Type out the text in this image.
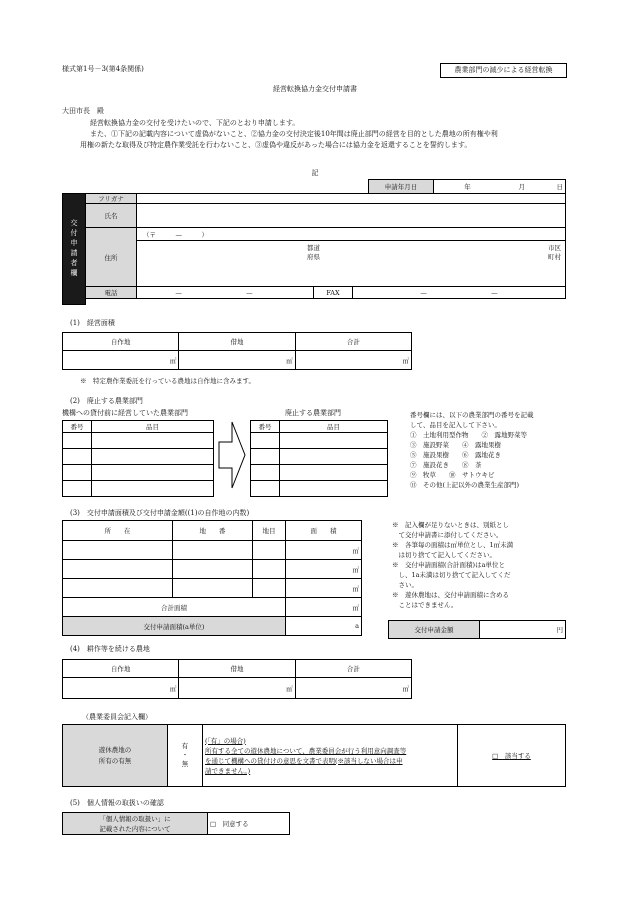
様式第1号－3(第4条関係)	農業部門の減少による経営転換
経営転換協力金交付申請書
大田市長　殿
経営転換協力金の交付を受けたいので、下記のとおり申請します。
また、①下記の記載内容について虚偽がないこと、②協力金の交付決定後10年間は廃止部門の経営を目的とした農地の所有権や利
用権の新たな取得及び特定農作業受託を行わないこと、③虚偽や違反があった場合には協力金を返還することを誓約します。
記
申請年月日	年	月	日
交付申請者欄	フリガナ				
	氏名				
	住所	（〒　　　—　　　）
都道
府県
市区
町村			

	電話	— —		FAX	— —

(1)　経営面積
自作地		借地		合計	
	㎡		㎡		㎡
※　特定農作業委託を行っている農地は自作地に含みます。
(2)　廃止する農業部門
機構への貸付前に経営していた農業部門	廃止する農業部門
番号	品目

		番号	品目

番号欄には、以下の農業部門の番号を記載
して、品目を記入して下さい。
①　土地利用型作物　　②　露地野菜等
③　施設野菜　　④　露地果樹
⑤　施設果樹　　⑥　露地花き
⑦　施設花き　　⑧　茶
⑨　牧草　　⑩　サトウキビ
⑪　その他(上記以外の農業生産部門)
(3)　交付申請面積及び交付申請金額((1)の自作地の内数)
所　　在	地　　番	地目	面　　積	
				㎡
				㎡
				㎡
合計面積				㎡
交付申請面積(a単位)				a
※　記入欄が足りないときは、別紙とし
　て交付申請書に添付してください。
※　各筆毎の面積は㎡単位とし、1㎡未満
　は切り捨てて記入してください。
※　交付申請面積(合計面積)はa単位と
　し、1a未満は切り捨てて記入してくだ
　さい。
※　遊休農地は、交付申請面積に含める
　ことはできません。
交付申請金額	円
(4)　耕作等を続ける農地
自作地		借地		合計	
	㎡		㎡		㎡
（農業委員会記入欄）
遊休農地の
所有の有無

有
・
無

(「有」の場合)
所有する全ての遊休農地について、農業委員会が行う利用意向調査等
を通じて機構への貸付けの意思を文書で表明(※該当しない場合は申
請できません。)
	□　該当する
(5)　個人情報の取扱いの確認
「個人情報の取扱い」に
記載された内容について
	□　同意する
